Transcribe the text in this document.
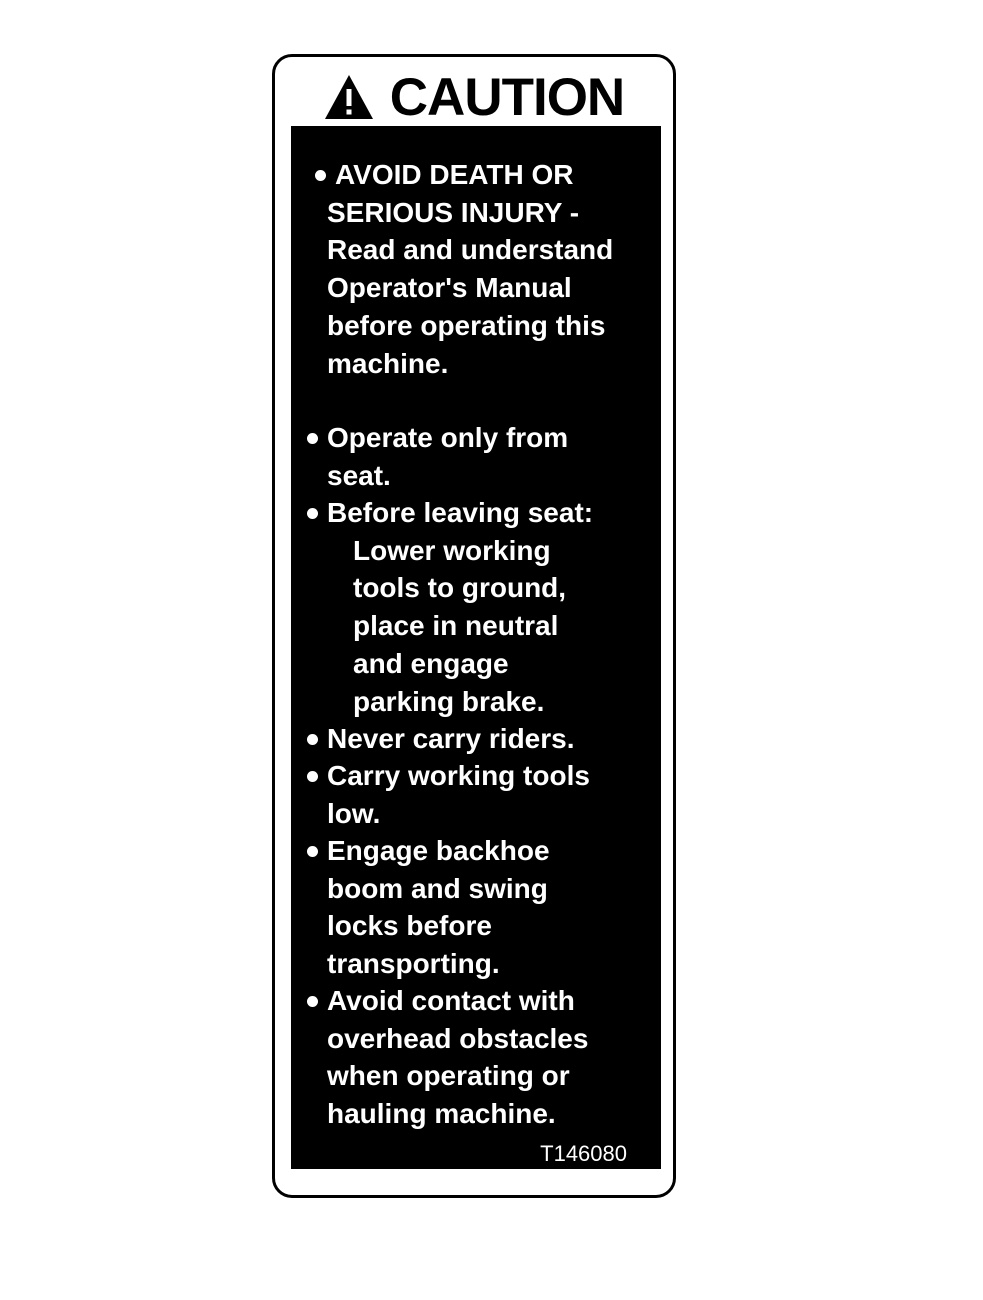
CAUTION
AVOID DEATH OR
SERIOUS INJURY -
Read and understand
Operator's Manual
before operating this
machine.
Operate only from
seat.
Before leaving seat:
Lower working
tools to ground,
place in neutral
and engage
parking brake.
Never carry riders.
Carry working tools
low.
Engage backhoe
boom and swing
locks before
transporting.
Avoid contact with
overhead obstacles
when operating or
hauling machine.
T146080
